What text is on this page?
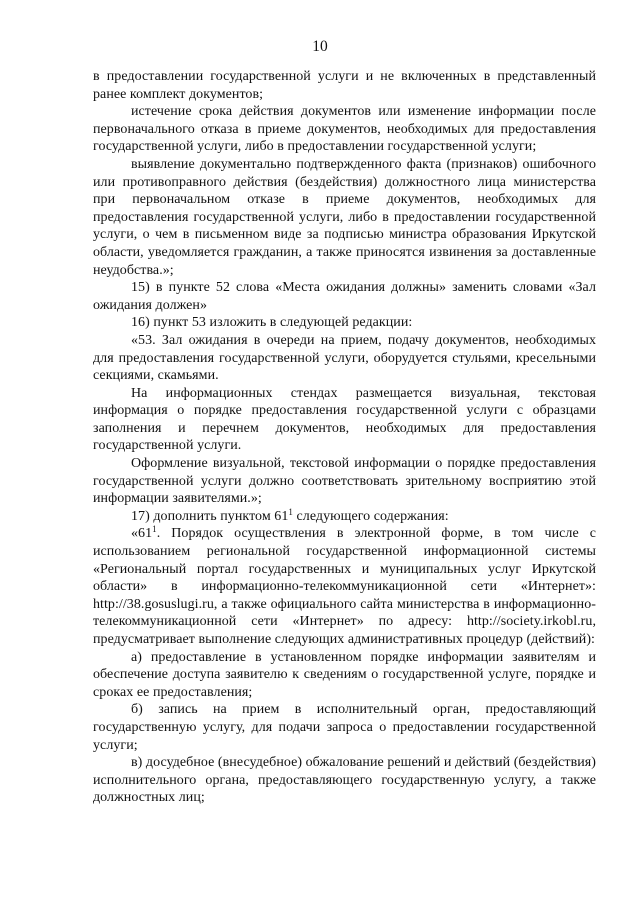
10

в предоставлении государственной услуги и не включенных в представленный ранее комплект документов;

истечение срока действия документов или изменение информации после первоначального отказа в приеме документов, необходимых для предоставления государственной услуги, либо в предоставлении государственной услуги;

выявление документально подтвержденного факта (признаков) ошибочного или противоправного действия (бездействия) должностного лица министерства при первоначальном отказе в приеме документов, необходимых для предоставления государственной услуги, либо в предоставлении государственной услуги, о чем в письменном виде за подписью министра образования Иркутской области, уведомляется гражданин, а также приносятся извинения за доставленные неудобства.»;

15) в пункте 52 слова «Места ожидания должны» заменить словами «Зал ожидания должен»

16) пункт 53 изложить в следующей редакции:

«53. Зал ожидания в очереди на прием, подачу документов, необходимых для предоставления государственной услуги, оборудуется стульями, кресельными секциями, скамьями.

На информационных стендах размещается визуальная, текстовая информация о порядке предоставления государственной услуги с образцами заполнения и перечнем документов, необходимых для предоставления государственной услуги.

Оформление визуальной, текстовой информации о порядке предоставления государственной услуги должно соответствовать зрительному восприятию этой информации заявителями.»;

17) дополнить пунктом $61^1$ следующего содержания:

«$61^1$. Порядок осуществления в электронной форме, в том числе с использованием региональной государственной информационной системы «Региональный портал государственных и муниципальных услуг Иркутской области» в информационно-телекоммуникационной сети «Интернет»: http://38.gosuslugi.ru, а также официального сайта министерства в информационно-телекоммуникационной сети «Интернет» по адресу: http://society.irkobl.ru, предусматривает выполнение следующих административных процедур (действий):

а) предоставление в установленном порядке информации заявителям и обеспечение доступа заявителю к сведениям о государственной услуге, порядке и сроках ее предоставления;

б) запись на прием в исполнительный орган, предоставляющий государственную услугу, для подачи запроса о предоставлении государственной услуги;

в) досудебное (внесудебное) обжалование решений и действий (бездействия) исполнительного органа, предоставляющего государственную услугу, а также должностных лиц;
